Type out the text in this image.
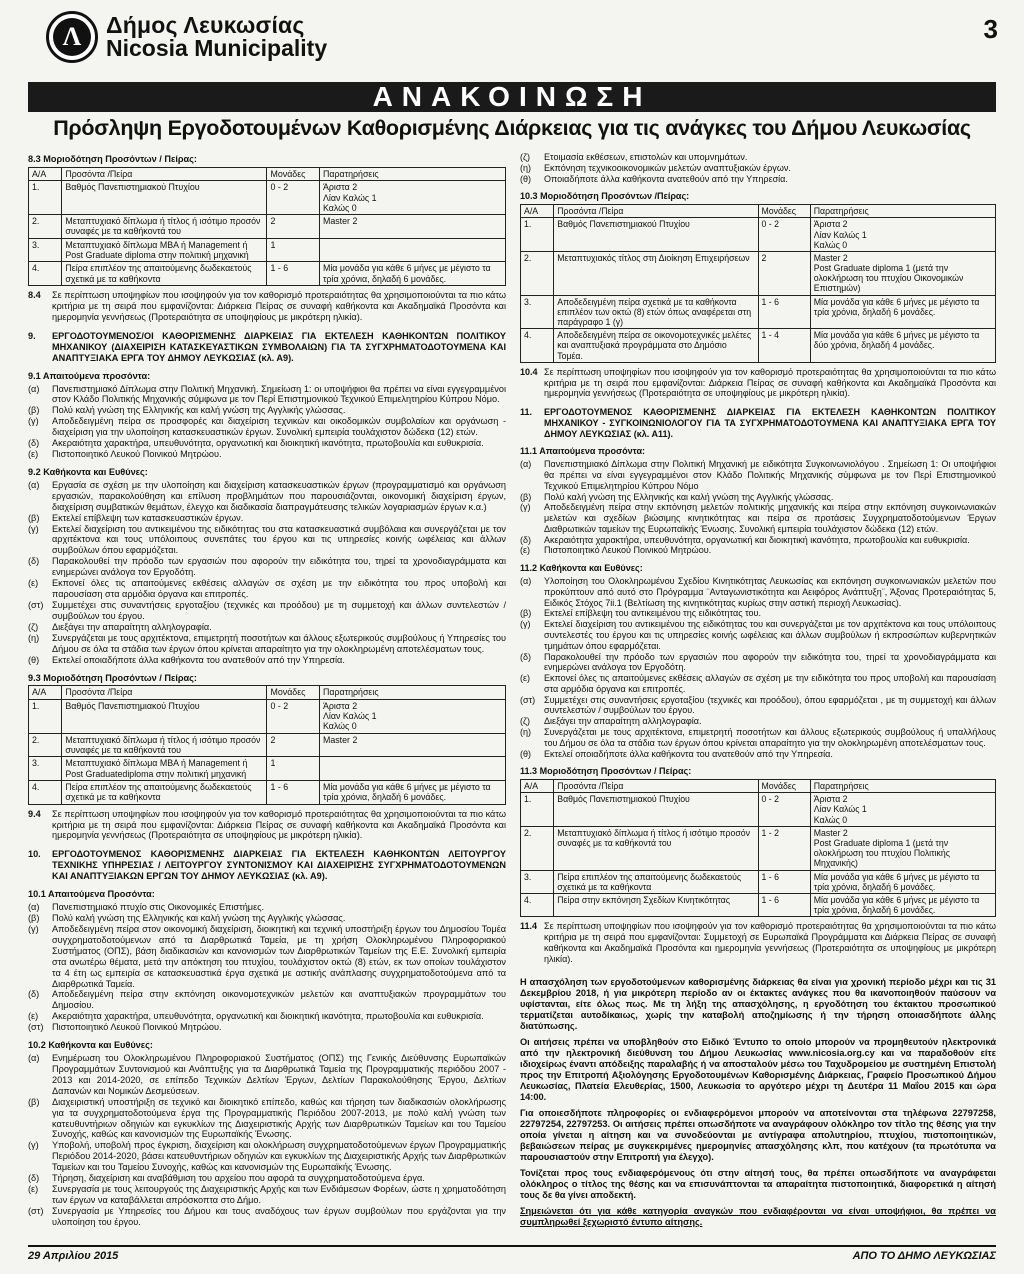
Λ	Δήμος Λευκωσίας
Nicosia Municipality
3
ΑΝΑΚΟΙΝΩΣΗ
Πρόσληψη Εργοδοτουμένων Καθορισμένης Διάρκειας για τις ανάγκες του Δήμου Λευκωσίας
8.3 Μοριοδότηση Προσόντων / Πείρας:
Α/Α	Προσόντα /Πείρα	Μονάδες	Παρατηρήσεις
1.	Βαθμός Πανεπιστημιακού Πτυχίου	0 - 2	Άριστα 2
Λίαν Καλώς 1
Καλώς 0

2.	Μεταπτυχιακό δίπλωμα ή τίτλος ή ισότιμο προσόν συναφές με τα καθήκοντά του	2	Master 2
3.	Μεταπτυχιακό δίπλωμα MBA ή Management ή Post Graduate diploma στην πολιτική μηχανική	1	
4.	Πείρα επιπλέον της απαιτούμενης δωδεκαετούς σχετικά με τα καθήκοντα	1 - 6	Μία μονάδα για κάθε 6 μήνες με μέγιστο τα τρία χρόνια, δηλαδή 6 μονάδες.
8.4	Σε περίπτωση υποψηφίων που ισοψηφούν για τον καθορισμό προτεραιότητας θα χρησιμοποιούνται τα πιο κάτω κριτήρια με τη σειρά που εμφανίζονται: Διάρκεια Πείρας σε συναφή καθήκοντα και Ακαδημαϊκά Προσόντα και ημερομηνία γεννήσεως (Προτεραιότητα σε υποψηφίους με μικρότερη ηλικία).
9.	ΕΡΓΟΔΟΤΟΥΜΕΝΟΣ/ΟΙ ΚΑΘΟΡΙΣΜΕΝΗΣ ΔΙΑΡΚΕΙΑΣ ΓΙΑ ΕΚΤΕΛΕΣΗ ΚΑΘΗΚΟΝΤΩΝ ΠΟΛΙΤΙΚΟΥ ΜΗΧΑΝΙΚΟΥ (ΔΙΑΧΕΙΡΙΣΗ ΚΑΤΑΣΚΕΥΑΣΤΙΚΩΝ ΣΥΜΒΟΛΑΙΩΝ) ΓΙΑ ΤΑ ΣΥΓΧΡΗΜΑΤΟΔΟΤΟΥΜΕΝΑ ΚΑΙ ΑΝΑΠΤΥΞΙΑΚΑ ΕΡΓΑ ΤΟΥ ΔΗΜΟΥ ΛΕΥΚΩΣΙΑΣ (κλ. Α9).
9.1 Απαιτούμενα προσόντα:
(α)	Πανεπιστημιακό Δίπλωμα στην Πολιτική Μηχανική. Σημείωση 1: οι υποψήφιοι θα πρέπει να είναι εγγεγραμμένοι στον Κλάδο Πολιτικής Μηχανικής σύμφωνα με τον Περί Επιστημονικού Τεχνικού Επιμελητηρίου Κύπρου Νόμο.
(β)	Πολύ καλή γνώση της Ελληνικής και καλή γνώση της Αγγλικής γλώσσας.
(γ)	Αποδεδειγμένη πείρα σε προσφορές και διαχείριση τεχνικών και οικοδομικών συμβολαίων και οργάνωση - διαχείριση για την υλοποίηση κατασκευαστικών έργων. Συνολική εμπειρία τουλάχιστον δώδεκα (12) ετών.
(δ)	Ακεραιότητα χαρακτήρα, υπευθυνότητα, οργανωτική και διοικητική ικανότητα, πρωτοβουλία και ευθυκρισία.
(ε)	Πιστοποιητικό Λευκού Ποινικού Μητρώου.
9.2 Καθήκοντα και Ευθύνες:
(α)	Εργασία σε σχέση με την υλοποίηση και διαχείριση κατασκευαστικών έργων (προγραμματισμό και οργάνωση εργασιών, παρακολούθηση και επίλυση προβλημάτων που παρουσιάζονται, οικονομική διαχείριση έργων, διαχείριση συμβατικών θεμάτων, έλεγχο και διαδικασία διαπραγμάτευσης τελικών λογαριασμών έργων κ.α.)
(β)	Εκτελεί επίβλεψη των κατασκευαστικών έργων.
(γ)	Εκτελεί διαχείριση του αντικειμένου της ειδικότητας του στα κατασκευαστικά συμβόλαια και συνεργάζεται με τον αρχιτέκτονα και τους υπόλοιπους συνεπάτες του έργου και τις υπηρεσίες κοινής ωφέλειας και άλλων συμβούλων όπου εφαρμόζεται.
(δ)	Παρακολουθεί την πρόοδο των εργασιών που αφορούν την ειδικότητα του, τηρεί τα χρονοδιαγράμματα και ενημερώνει ανάλογα τον Εργοδότη.
(ε)	Εκπονεί όλες τις απαιτούμενες εκθέσεις αλλαγών σε σχέση με την ειδικότητα του προς υποβολή και παρουσίαση στα αρμόδια όργανα και επιτροπές.
(στ) Συμμετέχει στις συναντήσεις εργοταξίου (τεχνικές και προόδου) με τη συμμετοχή και άλλων συντελεστών / συμβούλων του έργου.
(ζ)	Διεξάγει την απαραίτητη αλληλογραφία.
(η)	Συνεργάζεται με τους αρχιτέκτονα, επιμετρητή ποσοτήτων και άλλους εξωτερικούς συμβούλους ή Υπηρεσίες του Δήμου σε όλα τα στάδια των έργων όπου κρίνεται απαραίτητο για την ολοκληρωμένη αποτελέσματων τους.
(θ)	Εκτελεί οποιαδήποτε άλλα καθήκοντα του ανατεθούν από την Υπηρεσία.
9.3 Μοριοδότηση Προσόντων / Πείρας:
Α/Α	Προσόντα /Πείρα	Μονάδες	Παρατηρήσεις
1.	Βαθμός Πανεπιστημιακού Πτυχίου	0 - 2	Άριστα 2
Λίαν Καλώς 1
Καλώς 0

2.	Μεταπτυχιακό δίπλωμα ή τίτλος ή ισότιμο προσόν συναφές με τα καθήκοντά του	2	Master 2
3.	Μεταπτυχιακό δίπλωμα MBA ή Management ή Post Graduatediploma στην πολιτική μηχανική	1	
4.	Πείρα επιπλέον της απαιτούμενης δωδεκαετούς σχετικά με τα καθήκοντα	1 - 6	Μία μονάδα για κάθε 6 μήνες με μέγιστο τα τρία χρόνια, δηλαδή 6 μονάδες.
9.4	Σε περίπτωση υποψηφίων που ισοψηφούν για τον καθορισμό προτεραιότητας θα χρησιμοποιούνται τα πιο κάτω κριτήρια με τη σειρά που εμφανίζονται: Διάρκεια Πείρας σε συναφή καθήκοντα και Ακαδημαϊκά Προσόντα και ημερομηνία γεννήσεως (Προτεραιότητα σε υποψηφίους με μικρότερη ηλικία).
10.	ΕΡΓΟΔΟΤΟΥΜΕΝΟΣ ΚΑΘΟΡΙΣΜΕΝΗΣ ΔΙΑΡΚΕΙΑΣ ΓΙΑ ΕΚΤΕΛΕΣΗ ΚΑΘΗΚΟΝΤΩΝ ΛΕΙΤΟΥΡΓΟΥ ΤΕΧΝΙΚΗΣ ΥΠΗΡΕΣΙΑΣ / ΛΕΙΤΟΥΡΓΟΥ ΣΥΝΤΟΝΙΣΜΟΥ ΚΑΙ ΔΙΑΧΕΙΡΙΣΗΣ ΣΥΓΧΡΗΜΑΤΟΔΟΤΟΥΜΕΝΩΝ ΚΑΙ ΑΝΑΠΤΥΞΙΑΚΩΝ ΕΡΓΩΝ ΤΟΥ ΔΗΜΟΥ ΛΕΥΚΩΣΙΑΣ (κλ. Α9).
10.1 Απαιτούμενα Προσόντα:
(α)	Πανεπιστημιακό πτυχίο στις Οικονομικές Επιστήμες.
(β)	Πολύ καλή γνώση της Ελληνικής και καλή γνώση της Αγγλικής γλώσσας.
(γ)	Αποδεδειγμένη πείρα στον οικονομική διαχείριση, διοικητική και τεχνική υποστήριξη έργων του Δημοσίου Τομέα συγχρηματοδοτούμενων από τα Διαρθρωτικά Ταμεία, με τη χρήση Ολοκληρωμένου Πληροφοριακού Συστήματος (ΟΠΣ), βάση διαδικασιών και κανονισμών των Διαρθρωτικών Ταμείων της Ε.Ε. Συνολική εμπειρία στα ανωτέρω θέματα, μετά την απόκτηση του πτυχίου, τουλάχιστον οκτώ (8) ετών, εκ των οποίων τουλάχιστον τα 4 έτη ως εμπειρία σε κατασκευαστικά έργα σχετικά με αστικής ανάπλασης συγχρηματοδοτούμενα από τα Διαρθρωτικά Ταμεία.
(δ)	Αποδεδειγμένη πείρα στην εκπόνηση οικονομοτεχνικών μελετών και αναπτυξιακών προγραμμάτων του Δημοσίου.
(ε)	Ακεραιότητα χαρακτήρα, υπευθυνότητα, οργανωτική και διοικητική ικανότητα, πρωτοβουλία και ευθυκρισία.
(στ) Πιστοποιητικό Λευκού Ποινικού Μητρώου.
10.2 Καθήκοντα και Ευθύνες:
(α)	Ενημέρωση του Ολοκληρωμένου Πληροφοριακού Συστήματος (ΟΠΣ) της Γενικής Διεύθυνσης Ευρωπαϊκών Προγραμμάτων Συντονισμού και Ανάπτυξης για τα Διαρθρωτικά Ταμεία της Προγραμματικής περιόδου 2007 - 2013 και 2014-2020, σε επίπεδο Τεχνικών Δελτίων Έργων, Δελτίων Παρακολούθησης Έργου, Δελτίων Δαπανών και Νομικών Δεσμεύσεων.
(β)	Διαχειριστική υποστήριξη σε τεχνικό και διοικητικό επίπεδο, καθώς και τήρηση των διαδικασιών ολοκλήρωσης για τα συγχρηματοδοτούμενα έργα της Προγραμματικής Περιόδου 2007-2013, με πολύ καλή γνώση των κατευθυντήριων οδηγιών και εγκυκλίων της Διαχειριστικής Αρχής των Διαρθρωτικών Ταμείων και του Ταμείου Συνοχής, καθώς και κανονισμών της Ευρωπαϊκής Ένωσης.
(γ)	Υποβολή, υποβολή προς έγκριση, διαχείριση και ολοκλήρωση συγχρηματοδοτούμενων έργων Προγραμματικής Περιόδου 2014-2020, βάσει κατευθυντήριων οδηγιών και εγκυκλίων της Διαχειριστικής Αρχής των Διαρθρωτικών Ταμείων και του Ταμείου Συνοχής, καθώς και κανονισμών της Ευρωπαϊκής Ένωσης.
(δ)	Τήρηση, διαχείριση και αναβάθμιση του αρχείου που αφορά τα συγχρηματοδοτούμενα έργα.
(ε)	Συνεργασία με τους λειτουργούς της Διαχειριστικής Αρχής και των Ενδιάμεσων Φορέων, ώστε η χρηματοδότηση των έργων να καταβάλλεται απρόσκοπτα στο Δήμο.
(στ) Συνεργασία με Υπηρεσίες του Δήμου και τους αναδόχους των έργων συμβούλων που εργάζονται για την υλοποίηση του έργου.
(ζ)	Ετοιμασία εκθέσεων, επιστολών και υπομνημάτων.
(η)	Εκπόνηση τεχνικοοικονομικών μελετών αναπτυξιακών έργων.
(θ)	Οποιαδήποτε άλλα καθήκοντα ανατεθούν από την Υπηρεσία.
10.3 Μοριοδότηση Προσόντων /Πείρας:
Α/Α	Προσόντα /Πείρα	Μονάδες	Παρατηρήσεις
1.	Βαθμός Πανεπιστημιακού Πτυχίου	0 - 2	Άριστα 2
Λίαν Καλώς 1
Καλώς 0

2.	Μεταπτυχιακός τίτλος στη Διοίκηση Επιχειρήσεων	2	Master 2
Post Graduate diploma 1 (μετά την ολοκλήρωση του πτυχίου Οικονομικών Επιστημών)

3.	Αποδεδειγμένη πείρα σχετικά με τα καθήκοντα επιπλέον των οκτώ (8) ετών όπως αναφέρεται στη παράγραφο 1 (γ)	1 - 6	Μία μονάδα για κάθε 6 μήνες με μέγιστο τα τρία χρόνια, δηλαδή 6 μονάδες.
4.	Αποδεδειγμένη πείρα σε οικονομοτεχνικές μελέτες και αναπτυξιακά προγράμματα στο Δημόσιο Τομέα.	1 - 4	Μία μονάδα για κάθε 6 μήνες με μέγιστο τα δύο χρόνια, δηλαδή 4 μονάδες.
10.4 Σε περίπτωση υποψηφίων που ισοψηφούν για τον καθορισμό προτεραιότητας θα χρησιμοποιούνται τα πιο κάτω κριτήρια με τη σειρά που εμφανίζονται: Διάρκεια Πείρας σε συναφή καθήκοντα και Ακαδημαϊκά Προσόντα και ημερομηνία γεννήσεως (Προτεραιότητα σε υποψηφίους με μικρότερη ηλικία).
11.	ΕΡΓΟΔΟΤΟΥΜΕΝΟΣ ΚΑΘΟΡΙΣΜΕΝΗΣ ΔΙΑΡΚΕΙΑΣ ΓΙΑ ΕΚΤΕΛΕΣΗ ΚΑΘΗΚΟΝΤΩΝ ΠΟΛΙΤΙΚΟΥ ΜΗΧΑΝΙΚΟΥ - ΣΥΓΚΟΙΝΩΝΙΟΛΟΓΟΥ ΓΙΑ ΤΑ ΣΥΓΧΡΗΜΑΤΟΔΟΤΟΥΜΕΝΑ ΚΑΙ ΑΝΑΠΤΥΞΙΑΚΑ ΕΡΓΑ ΤΟΥ ΔΗΜΟΥ ΛΕΥΚΩΣΙΑΣ (κλ. Α11).
11.1 Απαιτούμενα προσόντα:
(α)	Πανεπιστημιακό Δίπλωμα στην Πολιτική Μηχανική με ειδικότητα Συγκοινωνιολόγου . Σημείωση 1: Οι υποψήφιοι θα πρέπει να είναι εγγεγραμμένοι στον Κλάδο Πολιτικής Μηχανικής σύμφωνα με τον Περί Επιστημονικού Τεχνικού Επιμελητηρίου Κύπρου Νόμο
(β)	Πολύ καλή γνώση της Ελληνικής και καλή γνώση της Αγγλικής γλώσσας.
(γ)	Αποδεδειγμένη πείρα στην εκπόνηση μελετών πολιτικής μηχανικής και πείρα στην εκπόνηση συγκοινωνιακών μελετών και σχεδίων βιώσιμης κινητικότητας και πείρα σε προτάσεις Συγχρηματοδοτούμενων Έργων Διαθρωτικών ταμείων της Ευρωπαϊκής Ένωσης. Συνολική εμπειρία τουλάχιστον δώδεκα (12) ετών.
(δ)	Ακεραιότητα χαρακτήρα, υπευθυνότητα, οργανωτική και διοικητική ικανότητα, πρωτοβουλία και ευθυκρισία.
(ε)	Πιστοποιητικό Λευκού Ποινικού Μητρώου.
11.2 Καθήκοντα και Ευθύνες:
(α)	Υλοποίηση του Ολοκληρωμένου Σχεδίου Κινητικότητας Λευκωσίας και εκπόνηση συγκοινωνιακών μελετών που προκύπτουν από αυτό στο Πρόγραμμα ¨Ανταγωνιστικότητα και Αειφόρος Ανάπτυξη¨, Άξονας Προτεραιότητας 5, Ειδικός Στόχος 7ii.1 (Βελτίωση της κινητικότητας κυρίως στην αστική περιοχή Λευκωσίας).
(β)	Εκτελεί επίβλεψη του αντικειμένου της ειδικότητας του.
(γ)	Εκτελεί διαχείριση του αντικειμένου της ειδικότητας του και συνεργάζεται με τον αρχιτέκτονα και τους υπόλοιπους συντελεστές του έργου και τις υπηρεσίες κοινής ωφέλειας και άλλων συμβούλων ή εκπροσώπων κυβερνητικών τμημάτων όπου εφαρμόζεται.
(δ)	Παρακολουθεί την πρόοδο των εργασιών που αφορούν την ειδικότητα του, τηρεί τα χρονοδιαγράμματα και ενημερώνει ανάλογα τον Εργοδότη.
(ε)	Εκπονεί όλες τις απαιτούμενες εκθέσεις αλλαγών σε σχέση με την ειδικότητα του προς υποβολή και παρουσίαση στα αρμόδια όργανα και επιτροπές.
(στ) Συμμετέχει στις συναντήσεις εργοταξίου (τεχνικές και προόδου), όπου εφαρμόζεται , με τη συμμετοχή και άλλων συντελεστών / συμβούλων του έργου.
(ζ)	Διεξάγει την απαραίτητη αλληλογραφία.
(η)	Συνεργάζεται με τους αρχιτέκτονα, επιμετρητή ποσοτήτων και άλλους εξωτερικούς συμβούλους ή υπαλλήλους του Δήμου σε όλα τα στάδια των έργων όπου κρίνεται απαραίτητο για την ολοκληρωμένη αποτελέσματων τους.
(θ)	Εκτελεί οποιαδήποτε άλλα καθήκοντα του ανατεθούν από την Υπηρεσία.
11.3 Μοριοδότηση Προσόντων / Πείρας:
Α/Α	Προσόντα /Πείρα	Μονάδες	Παρατηρήσεις
1.	Βαθμός Πανεπιστημιακού Πτυχίου	0 - 2	Άριστα 2
Λίαν Καλώς 1
Καλώς 0

2.	Μεταπτυχιακό δίπλωμα ή τίτλος ή ισότιμο προσόν συναφές με τα καθήκοντά του	1 - 2	Master 2
Post Graduate diploma 1 (μετά την ολοκλήρωση του πτυχίου Πολιτικής Μηχανικής)

3.	Πείρα επιπλέον της απαιτούμενης δωδεκαετούς σχετικά με τα καθήκοντα	1 - 6	Μία μονάδα για κάθε 6 μήνες με μέγιστο τα τρία χρόνια, δηλαδή 6 μονάδες.
4.	Πείρα στην εκπόνηση Σχεδίων Κινητικότητας	1 - 6	Μία μονάδα για κάθε 6 μήνες με μέγιστο τα τρία χρόνια, δηλαδή 6 μονάδες.
11.4 Σε περίπτωση υποψηφίων που ισοψηφούν για τον καθορισμό προτεραιότητας θα χρησιμοποιούνται τα πιο κάτω κριτήρια με τη σειρά που εμφανίζονται: Συμμετοχή σε Ευρωπαϊκά Προγράμματα και Διάρκεια Πείρας σε συναφή καθήκοντα και Ακαδημαϊκά Προσόντα και ημερομηνία γεννήσεως (Προτεραιότητα σε υποψηφίους με μικρότερη ηλικία).
Η απασχόληση των εργοδοτούμενων καθορισμένης διάρκειας θα είναι για χρονική περίοδο μέχρι και τις 31 Δεκεμβρίου 2018, ή για μικρότερη περίοδο αν οι έκτακτες ανάγκες που θα ικανοποιηθούν παύσουν να υφίστανται, είτε όλως πως. Με τη λήξη της απασχόλησης, η εργοδότηση του έκτακτου προσωπικού τερματίζεται αυτοδίκαιως, χωρίς την καταβολή αποζημίωσης ή την τήρηση οποιασδήποτε άλλης διατύπωσης.
Οι αιτήσεις πρέπει να υποβληθούν στο Ειδικό Έντυπο το οποίο μπορούν να προμηθευτούν ηλεκτρονικά από την ηλεκτρονική διεύθυνση του Δήμου Λευκωσίας www.nicosia.org.cy και να παραδοθούν είτε ιδιοχείρως έναντι απόδειξης παραλαβής ή να αποσταλούν μέσω του Ταχυδρομείου με συστημένη Επιστολή προς την Επιτροπή Αξιολόγησης Εργοδοτουμένων Καθορισμένης Διάρκειας, Γραφείο Προσωπικού Δήμου Λευκωσίας, Πλατεία Ελευθερίας, 1500, Λευκωσία το αργότερο μέχρι τη Δευτέρα 11 Μαΐου 2015 και ώρα 14:00.
Για οποιεσδήποτε πληροφορίες οι ενδιαφερόμενοι μπορούν να αποτείνονται στα τηλέφωνα 22797258, 22797254, 22797253. Οι αιτήσεις πρέπει οπωσδήποτε να αναγράφουν ολόκληρο τον τίτλο της θέσης για την οποία γίνεται η αίτηση και να συνοδεύονται με αντίγραφα απολυτηρίου, πτυχίου, πιστοποιητικών, βεβαιώσεων πείρας με συγκεκριμένες ημερομηνίες απασχόλησης κλπ, που κατέχουν (τα πρωτότυπα να παρουσιαστούν στην Επιτροπή για έλεγχο).
Τονίζεται προς τους ενδιαφερόμενους ότι στην αίτησή τους, θα πρέπει οπωσδήποτε να αναγράφεται ολόκληρος ο τίτλος της θέσης και να επισυνάπτονται τα απαραίτητα πιστοποιητικά, διαφορετικά η αίτησή τους δε θα γίνει αποδεκτή.
Σημειώνεται ότι για κάθε κατηγορία αναγκών που ενδιαφέρονται να είναι υποψήφιοι, θα πρέπει να συμπληρωθεί ξεχωριστό έντυπο αίτησης.
29 Απριλίου 2015	ΑΠΟ ΤΟ ΔΗΜΟ ΛΕΥΚΩΣΙΑΣ
